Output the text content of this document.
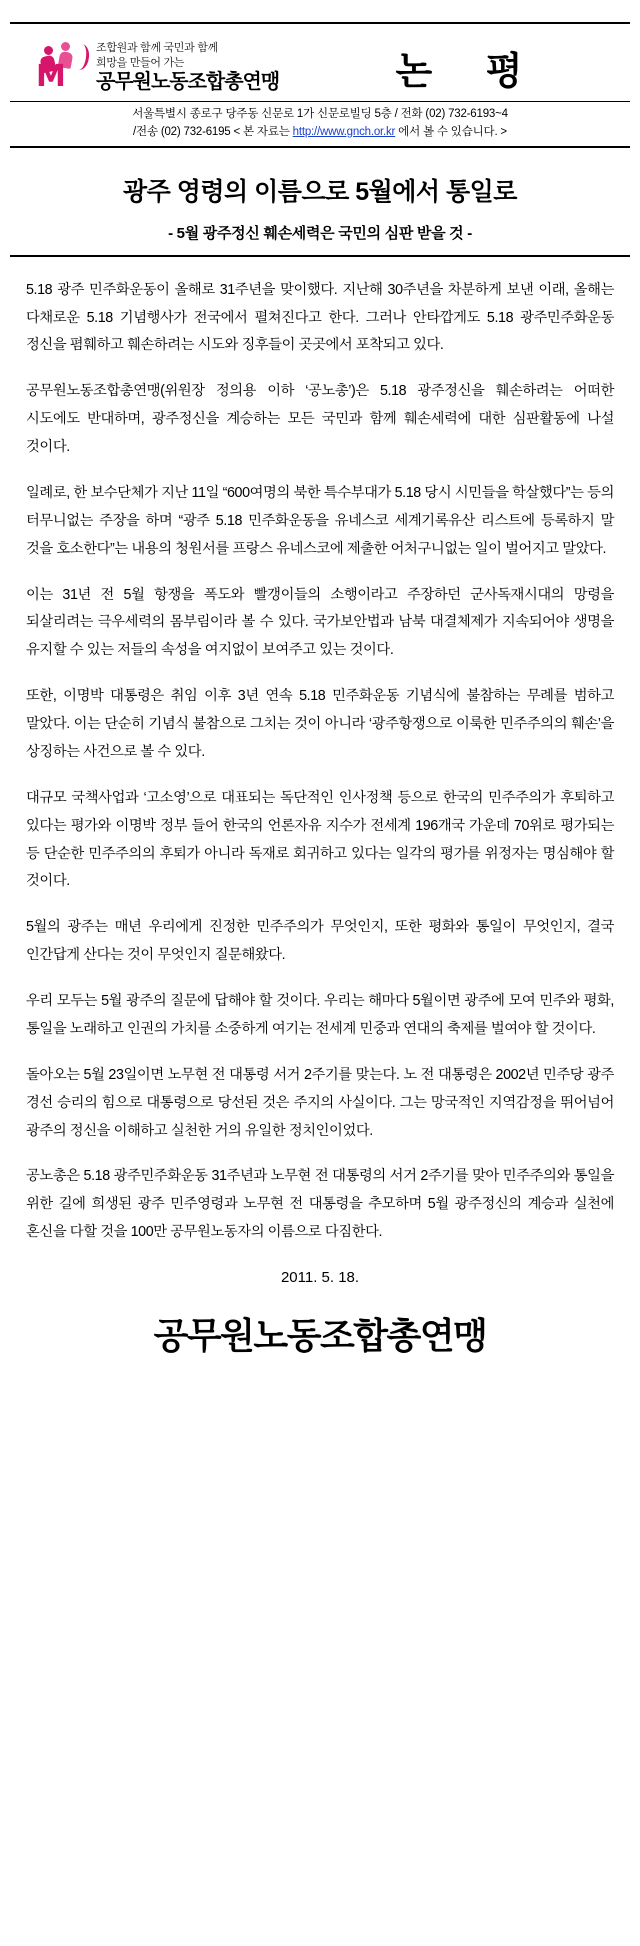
M
조합원과 함께 국민과 함께
희망을 만들어 가는
공무원노동조합총연맹	논 평
서울특별시 종로구 당주동 신문로 1가 신문로빌딩 5층 / 전화 (02) 732-6193~4
/전송 (02) 732-6195 < 본 자료는 http://www.gnch.or.kr 에서 볼 수 있습니다. >
광주 영령의 이름으로 5월에서 통일로
- 5월 광주정신 훼손세력은 국민의 심판 받을 것 -

5.18 광주 민주화운동이 올해로 31주년을 맞이했다. 지난해 30주년을 차분하게 보낸 이래, 올해는 다채로운 5.18 기념행사가 전국에서 펼쳐진다고 한다. 그러나 안타깝게도 5.18 광주민주화운동 정신을 폄훼하고 훼손하려는 시도와 징후들이 곳곳에서 포착되고 있다.

공무원노동조합총연맹(위원장 정의용 이하 ‘공노총’)은 5.18 광주정신을 훼손하려는 어떠한 시도에도 반대하며, 광주정신을 계승하는 모든 국민과 함께 훼손세력에 대한 심판활동에 나설 것이다.

일례로, 한 보수단체가 지난 11일 “600여명의 북한 특수부대가 5.18 당시 시민들을 학살했다”는 등의 터무니없는 주장을 하며 “광주 5.18 민주화운동을 유네스코 세계기록유산 리스트에 등록하지 말 것을 호소한다”는 내용의 청원서를 프랑스 유네스코에 제출한 어처구니없는 일이 벌어지고 말았다.

이는 31년 전 5월 항쟁을 폭도와 빨갱이들의 소행이라고 주장하던 군사독재시대의 망령을 되살리려는 극우세력의 몸부림이라 볼 수 있다. 국가보안법과 남북 대결체제가 지속되어야 생명을 유지할 수 있는 저들의 속성을 여지없이 보여주고 있는 것이다.

또한, 이명박 대통령은 취임 이후 3년 연속 5.18 민주화운동 기념식에 불참하는 무례를 범하고 말았다. 이는 단순히 기념식 불참으로 그치는 것이 아니라 ‘광주항쟁으로 이룩한 민주주의의 훼손’을 상징하는 사건으로 볼 수 있다.

대규모 국책사업과 ‘고소영’으로 대표되는 독단적인 인사정책 등으로 한국의 민주주의가 후퇴하고 있다는 평가와 이명박 정부 들어 한국의 언론자유 지수가 전세계 196개국 가운데 70위로 평가되는 등 단순한 민주주의의 후퇴가 아니라 독재로 회귀하고 있다는 일각의 평가를 위정자는 명심해야 할 것이다.

5월의 광주는 매년 우리에게 진정한 민주주의가 무엇인지, 또한 평화와 통일이 무엇인지, 결국 인간답게 산다는 것이 무엇인지 질문해왔다.

우리 모두는 5월 광주의 질문에 답해야 할 것이다. 우리는 해마다 5월이면 광주에 모여 민주와 평화, 통일을 노래하고 인권의 가치를 소중하게 여기는 전세계 민중과 연대의 축제를 벌여야 할 것이다.

돌아오는 5월 23일이면 노무현 전 대통령 서거 2주기를 맞는다. 노 전 대통령은 2002년 민주당 광주 경선 승리의 힘으로 대통령으로 당선된 것은 주지의 사실이다. 그는 망국적인 지역감정을 뛰어넘어 광주의 정신을 이해하고 실천한 거의 유일한 정치인이었다.

공노총은 5.18 광주민주화운동 31주년과 노무현 전 대통령의 서거 2주기를 맞아 민주주의와 통일을 위한 길에 희생된 광주 민주영령과 노무현 전 대통령을 추모하며 5월 광주정신의 계승과 실천에 혼신을 다할 것을 100만 공무원노동자의 이름으로 다짐한다.

2011. 5. 18.
공무원노동조합총연맹
